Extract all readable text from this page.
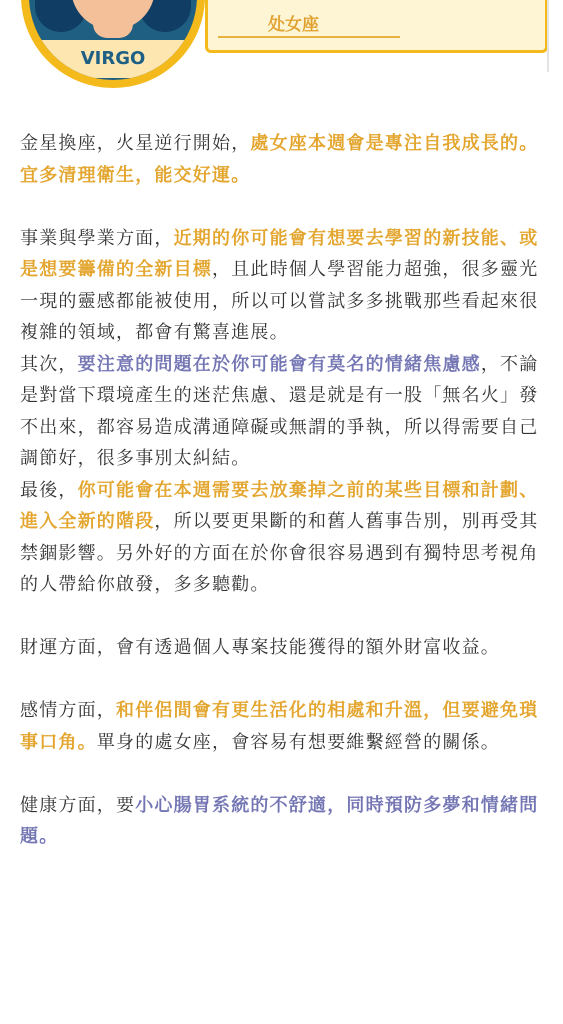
VIRGO
处女座

金星換座，火星逆行開始，處女座本週會是專注自我成長的。宜多清理衛生，能交好運。

事業與學業方面，近期的你可能會有想要去學習的新技能、或是想要籌備的全新目標，且此時個人學習能力超強，很多靈光一現的靈感都能被使用，所以可以嘗試多多挑戰那些看起來很複雜的領域，都會有驚喜進展。

其次，要注意的問題在於你可能會有莫名的情緒焦慮感，不論是對當下環境產生的迷茫焦慮、還是就是有一股「無名火」發不出來，都容易造成溝通障礙或無謂的爭執，所以得需要自己調節好，很多事別太糾結。

最後，你可能會在本週需要去放棄掉之前的某些目標和計劃、進入全新的階段，所以要更果斷的和舊人舊事告別，別再受其禁錮影響。另外好的方面在於你會很容易遇到有獨特思考視角的人帶給你啟發，多多聽勸。

財運方面，會有透過個人專案技能獲得的額外財富收益。

感情方面，和伴侶間會有更生活化的相處和升溫，但要避免瑣事口角。單身的處女座，會容易有想要維繫經營的關係。

健康方面，要小心腸胃系統的不舒適，同時預防多夢和情緒問題。
